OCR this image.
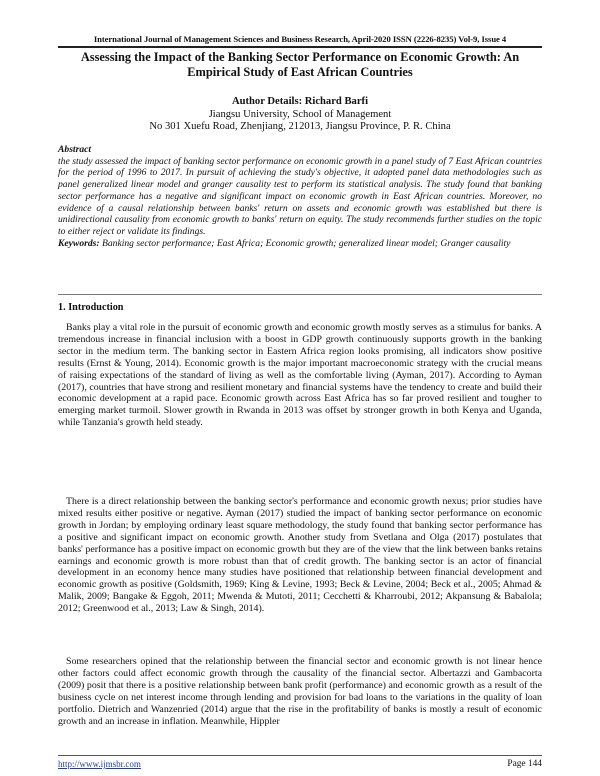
International Journal of Management Sciences and Business Research, April-2020 ISSN (2226-8235) Vol-9, Issue 4
Assessing the Impact of the Banking Sector Performance on Economic Growth: An
Empirical Study of East African Countries
Author Details: Richard Barfi
Jiangsu University, School of Management
No 301 Xuefu Road, Zhenjiang, 212013, Jiangsu Province, P. R. China
Abstract
the study assessed the impact of banking sector performance on economic growth in a panel study of 7 East African countries for the period of 1996 to 2017. In pursuit of achieving the study's objective, it adopted panel data methodologies such as panel generalized linear model and granger causality test to perform its statistical analysis. The study found that banking sector performance has a negative and significant impact on economic growth in East African countries. Moreover, no evidence of a causal relationship between banks' return on assets and economic growth was established but there is unidirectional causality from economic growth to banks' return on equity. The study recommends further studies on the topic to either reject or validate its findings.
Keywords: Banking sector performance; East Africa; Economic growth; generalized linear model; Granger causality
1. Introduction

Banks play a vital role in the pursuit of economic growth and economic growth mostly serves as a stimulus for banks. A tremendous increase in financial inclusion with a boost in GDP growth continuously supports growth in the banking sector in the medium term. The banking sector in Eastern Africa region looks promising, all indicators show positive results (Ernst & Young, 2014). Economic growth is the major important macroeconomic strategy with the crucial means of raising expectations of the standard of living as well as the comfortable living (Ayman, 2017). According to Ayman (2017), countries that have strong and resilient monetary and financial systems have the tendency to create and build their economic development at a rapid pace. Economic growth across East Africa has so far proved resilient and tougher to emerging market turmoil. Slower growth in Rwanda in 2013 was offset by stronger growth in both Kenya and Uganda, while Tanzania's growth held steady.

There is a direct relationship between the banking sector's performance and economic growth nexus; prior studies have mixed results either positive or negative. Ayman (2017) studied the impact of banking sector performance on economic growth in Jordan; by employing ordinary least square methodology, the study found that banking sector performance has a positive and significant impact on economic growth. Another study from Svetlana and Olga (2017) postulates that banks' performance has a positive impact on economic growth but they are of the view that the link between banks retains earnings and economic growth is more robust than that of credit growth. The banking sector is an actor of financial development in an economy hence many studies have positioned that relationship between financial development and economic growth as positive (Goldsmith, 1969; King & Levine, 1993; Beck & Levine, 2004; Beck et al., 2005; Ahmad & Malik, 2009; Bangake & Eggoh, 2011; Mwenda & Mutoti, 2011; Cecchetti & Kharroubi, 2012; Akpansung & Babalola; 2012; Greenwood et al., 2013; Law & Singh, 2014).

Some researchers opined that the relationship between the financial sector and economic growth is not linear hence other factors could affect economic growth through the causality of the financial sector. Albertazzi and Gambacorta (2009) posit that there is a positive relationship between bank profit (performance) and economic growth as a result of the business cycle on net interest income through lending and provision for bad loans to the variations in the quality of loan portfolio. Dietrich and Wanzenried (2014) argue that the rise in the profitability of banks is mostly a result of economic growth and an increase in inflation. Meanwhile, Hippler

http://www.ijmsbr.com	Page 144
